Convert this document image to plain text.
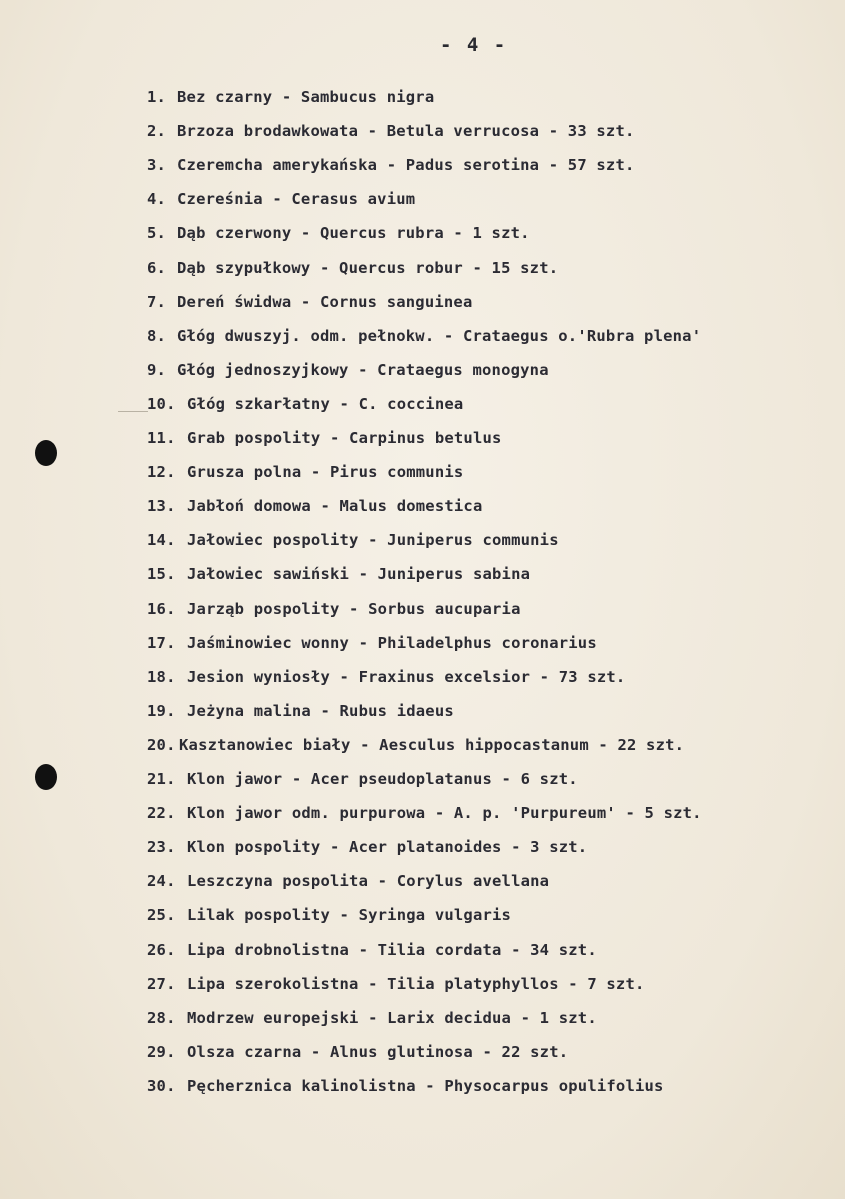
- 4 -
1. Bez czarny - Sambucus nigra
2. Brzoza brodawkowata - Betula verrucosa - 33 szt.
3. Czeremcha amerykańska - Padus serotina - 57 szt.
4. Czereśnia - Cerasus avium
5. Dąb czerwony - Quercus rubra - 1 szt.
6. Dąb szypułkowy - Quercus robur - 15 szt.
7. Dereń świdwa - Cornus sanguinea
8. Głóg dwuszyj. odm. pełnokw. - Crataegus o.'Rubra plena'
9. Głóg jednoszyjkowy - Crataegus monogyna
10. Głóg szkarłatny - C. coccinea
11. Grab pospolity - Carpinus betulus
12. Grusza polna - Pirus communis
13. Jabłoń domowa - Malus domestica
14. Jałowiec pospolity - Juniperus communis
15. Jałowiec sawiński - Juniperus sabina
16. Jarząb pospolity - Sorbus aucuparia
17. Jaśminowiec wonny - Philadelphus coronarius
18. Jesion wyniosły - Fraxinus excelsior - 73 szt.
19. Jeżyna malina - Rubus idaeus
20. Kasztanowiec biały - Aesculus hippocastanum - 22 szt.
21. Klon jawor - Acer pseudoplatanus - 6 szt.
22. Klon jawor odm. purpurowa - A. p. 'Purpureum' - 5 szt.
23. Klon pospolity - Acer platanoides - 3 szt.
24. Leszczyna pospolita - Corylus avellana
25. Lilak pospolity - Syringa vulgaris
26. Lipa drobnolistna - Tilia cordata - 34 szt.
27. Lipa szerokolistna - Tilia platyphyllos - 7 szt.
28. Modrzew europejski - Larix decidua - 1 szt.
29. Olsza czarna - Alnus glutinosa - 22 szt.
30. Pęcherznica kalinolistna - Physocarpus opulifolius
